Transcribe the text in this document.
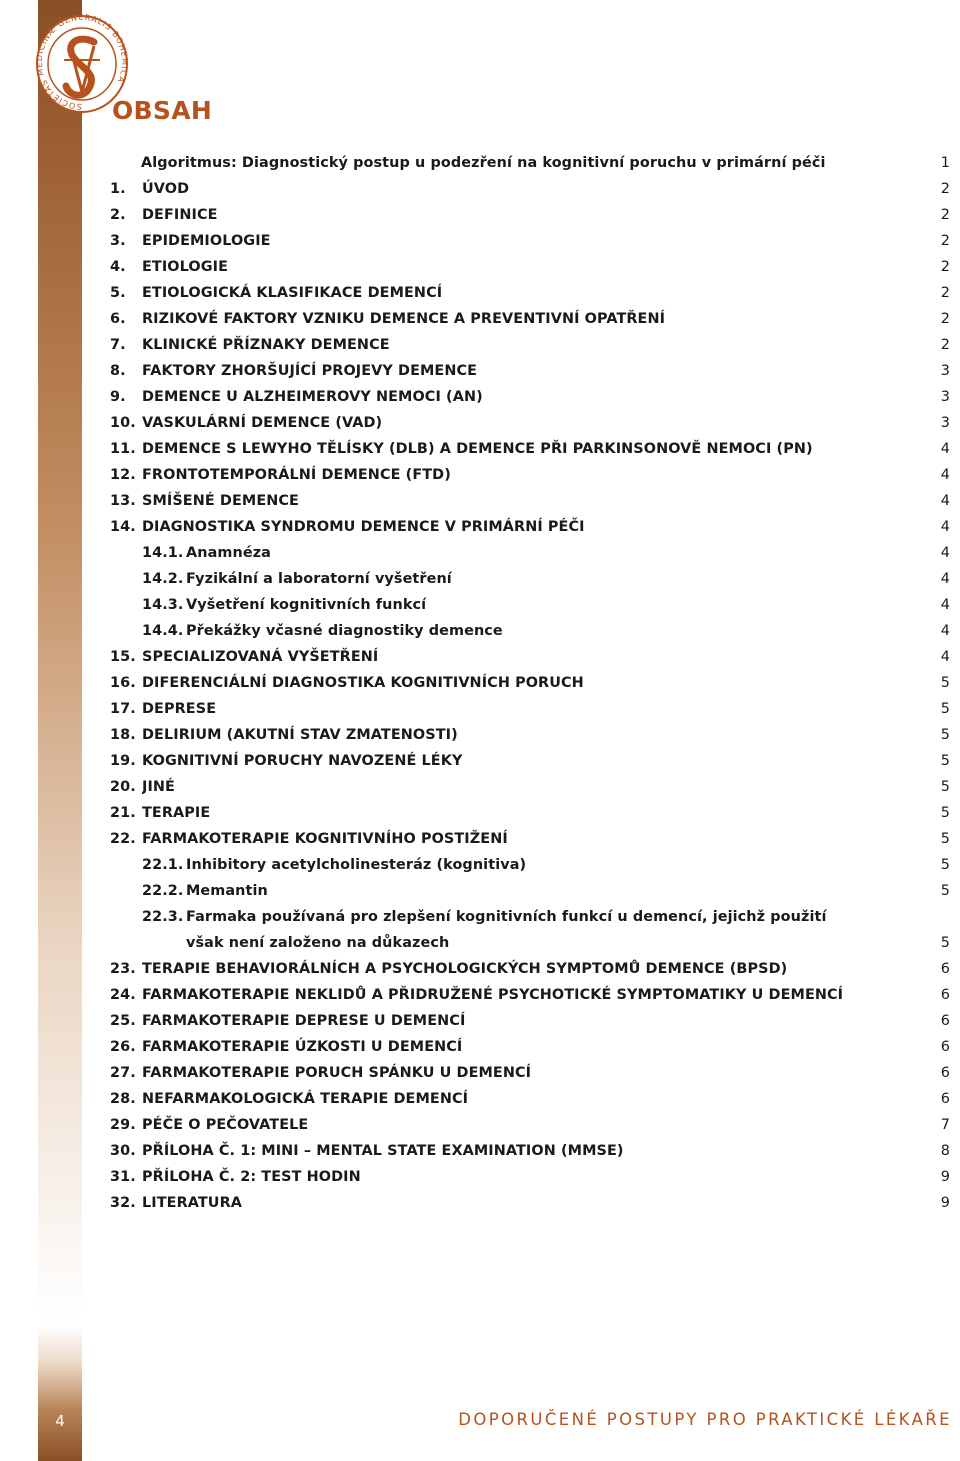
4
SOCIETAS MEDICINÆ GENERALIS BOHEMICA
OBSAH
Algoritmus: Diagnostický postup u podezření na kognitivní poruchu v primární péči	1
1.	ÚVOD	2
2.	DEFINICE	2
3.	EPIDEMIOLOGIE	2
4.	ETIOLOGIE	2
5.	ETIOLOGICKÁ KLASIFIKACE DEMENCÍ	2
6.	RIZIKOVÉ FAKTORY VZNIKU DEMENCE A PREVENTIVNÍ OPATŘENÍ	2
7.	KLINICKÉ PŘÍZNAKY DEMENCE	2
8.	FAKTORY ZHORŠUJÍCÍ PROJEVY DEMENCE	3
9.	DEMENCE U ALZHEIMEROVY NEMOCI (AN)	3
10. VASKULÁRNÍ DEMENCE (VAD)	3
11. DEMENCE S LEWYHO TĚLÍSKY (DLB) A DEMENCE PŘI PARKINSONOVĚ NEMOCI (PN)	4
12. FRONTOTEMPORÁLNÍ DEMENCE (FTD)	4
13. SMÍŠENÉ DEMENCE	4
14. DIAGNOSTIKA SYNDROMU DEMENCE V PRIMÁRNÍ PÉČI	4
14.1. Anamnéza	4
14.2. Fyzikální a laboratorní vyšetření	4
14.3. Vyšetření kognitivních funkcí	4
14.4. Překážky včasné diagnostiky demence	4
15. SPECIALIZOVANÁ VYŠETŘENÍ	4
16. DIFERENCIÁLNÍ DIAGNOSTIKA KOGNITIVNÍCH PORUCH	5
17. DEPRESE	5
18. DELIRIUM (AKUTNÍ STAV ZMATENOSTI)	5
19. KOGNITIVNÍ PORUCHY NAVOZENÉ LÉKY	5
20. JINÉ	5
21. TERAPIE	5
22. FARMAKOTERAPIE KOGNITIVNÍHO POSTIŽENÍ	5
22.1. Inhibitory acetylcholinesteráz (kognitiva)	5
22.2. Memantin	5
22.3. Farmaka používaná pro zlepšení kognitivních funkcí u demencí, jejichž použití
však není založeno na důkazech	5
23. TERAPIE BEHAVIORÁLNÍCH A PSYCHOLOGICKÝCH SYMPTOMŮ DEMENCE (BPSD)	6
24. FARMAKOTERAPIE NEKLIDŮ A PŘIDRUŽENÉ PSYCHOTICKÉ SYMPTOMATIKY U DEMENCÍ	6
25. FARMAKOTERAPIE DEPRESE U DEMENCÍ	6
26. FARMAKOTERAPIE ÚZKOSTI U DEMENCÍ	6
27. FARMAKOTERAPIE PORUCH SPÁNKU U DEMENCÍ	6
28. NEFARMAKOLOGICKÁ TERAPIE DEMENCÍ	6
29. PÉČE O PEČOVATELE	7
30. PŘÍLOHA Č. 1: MINI – MENTAL STATE EXAMINATION (MMSE)	8
31. PŘÍLOHA Č. 2: TEST HODIN	9
32. LITERATURA	9
DOPORUČENÉ POSTUPY PRO PRAKTICKÉ LÉKAŘE
